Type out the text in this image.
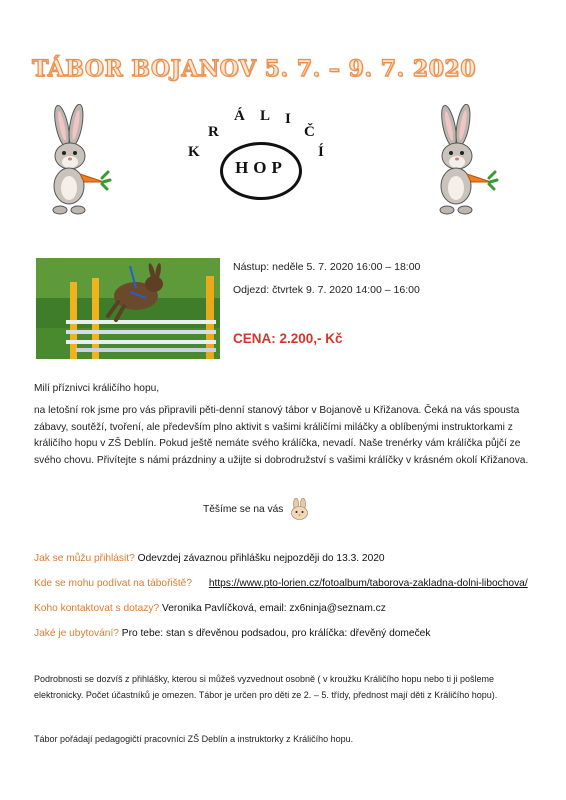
TÁBOR BOJANOV 5. 7. – 9. 7. 2020
K
R
Á L I
Č
Í
HOP
Nástup: neděle 5. 7. 2020 16:00 – 18:00
Odjezd: čtvrtek 9. 7. 2020 14:00 – 16:00
CENA: 2.200,- Kč
Milí příznivci králičího hopu,
na letošní rok jsme pro vás připravili pěti-denní stanový tábor v Bojanově u Křižanova. Čeká na vás spousta zábavy, soutěží, tvoření, ale především plno aktivit s vašimi králičími miláčky a oblíbenými instruktorkami z králičího hopu v ZŠ Deblín. Pokud ještě nemáte svého králíčka, nevadí. Naše trenérky vám králíčka půjčí ze svého chovu. Přivítejte s námi prázdniny a užijte si dobrodružství s vašimi králíčky v krásném okolí Křižanova.
Těšíme se na vás
Jak se můžu přihlásit? Odevzdej závaznou přihlášku nejpozději do 13.3. 2020
Kde se mohu podívat na tábořiště? https://www.pto-lorien.cz/fotoalbum/taborova-zakladna-dolni-libochova/
Koho kontaktovat s dotazy? Veronika Pavlíčková, email: zx6ninja@seznam.cz
Jaké je ubytování? Pro tebe: stan s dřevěnou podsadou, pro králíčka: dřevěný domeček
Podrobnosti se dozvíš z přihlášky, kterou si můžeš vyzvednout osobně ( v kroužku Králičího hopu nebo ti ji pošleme elektronicky. Počet účastníků je omezen. Tábor je určen pro děti ze 2. – 5. třídy, přednost mají děti z Králičího hopu).
Tábor pořádají pedagogičtí pracovníci ZŠ Deblín a instruktorky z Králičího hopu.
